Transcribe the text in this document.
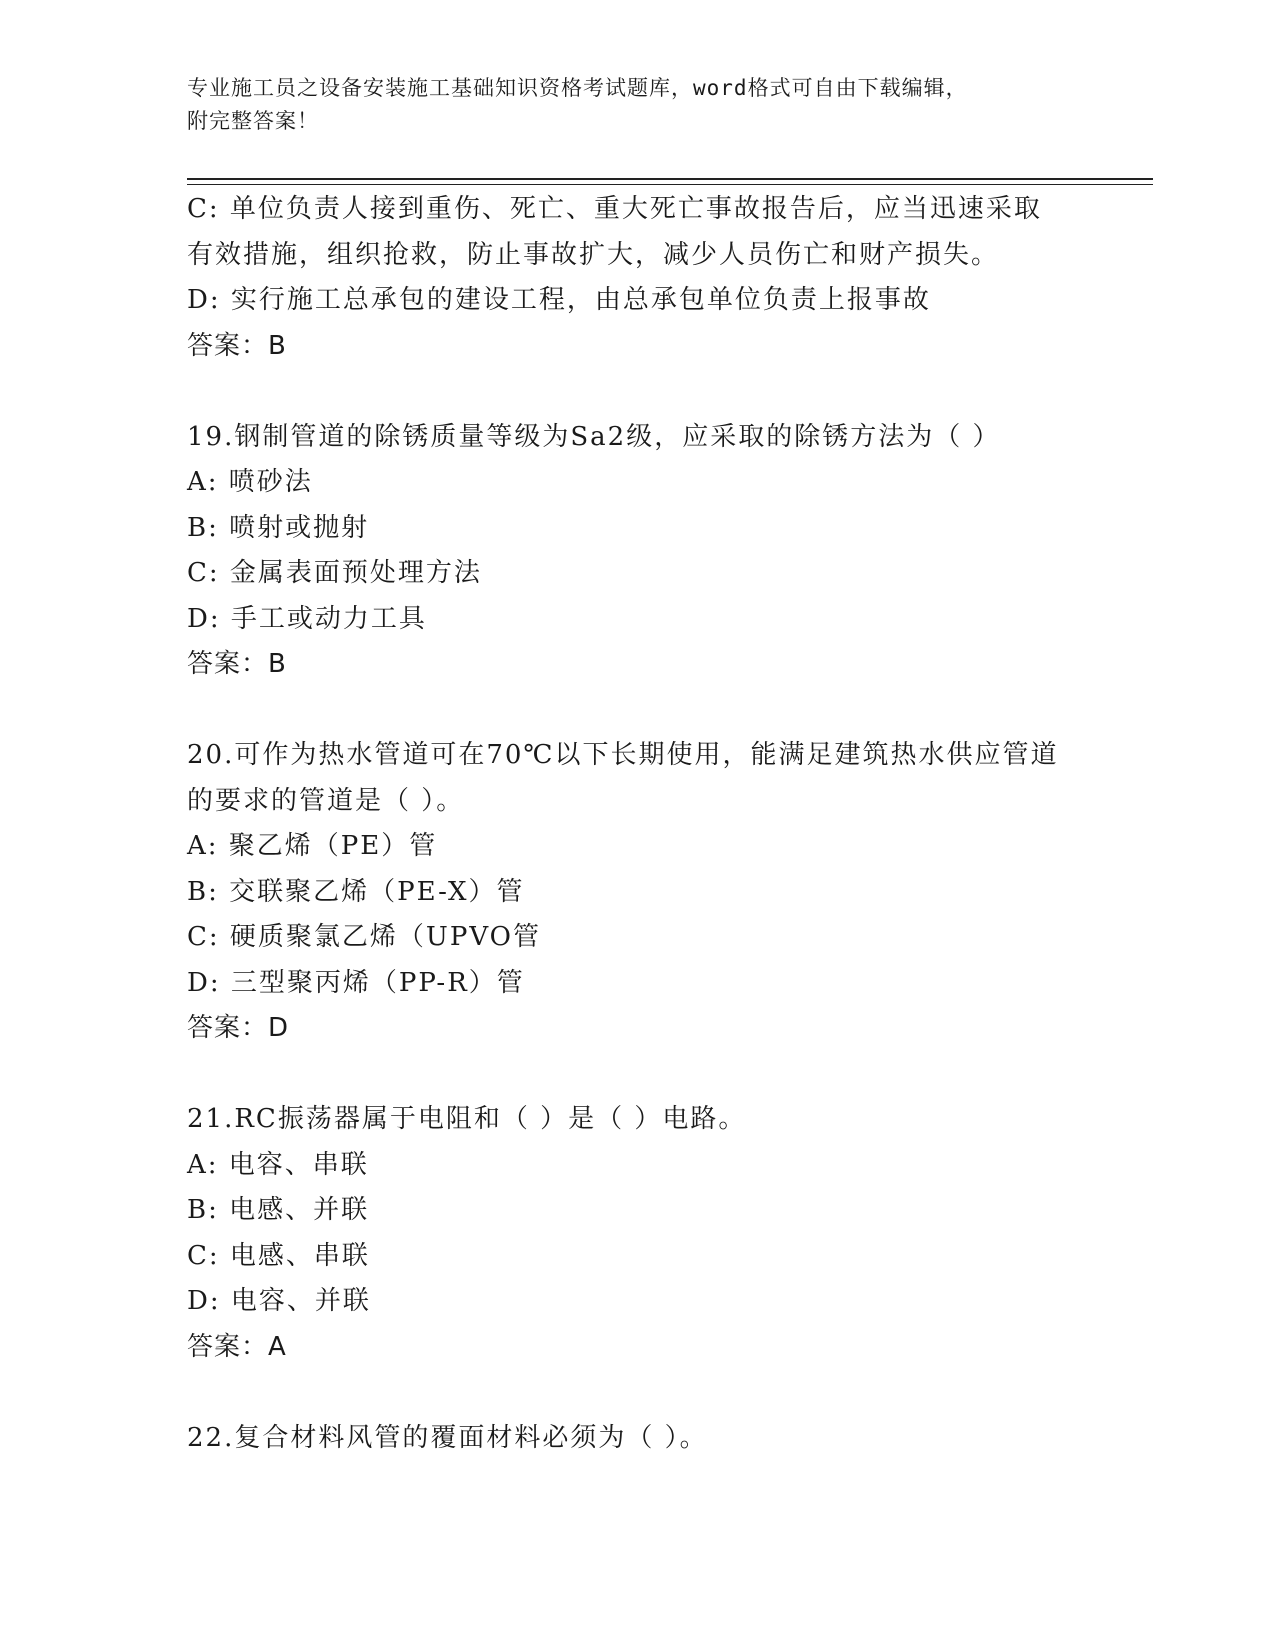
专业施工员之设备安装施工基础知识资格考试题库，word格式可自由下载编辑，
附完整答案！
C: 单位负责人接到重伤、死亡、重大死亡事故报告后，应当迅速采取
有效措施，组织抢救，防止事故扩大，减少人员伤亡和财产损失。
D: 实行施工总承包的建设工程，由总承包单位负责上报事故
答案：B
19.钢制管道的除锈质量等级为Sa2级，应采取的除锈方法为（ ）
A: 喷砂法
B: 喷射或抛射
C: 金属表面预处理方法
D: 手工或动力工具
答案：B
20.可作为热水管道可在70℃以下长期使用，能满足建筑热水供应管道
的要求的管道是（ ）。
A: 聚乙烯（PE）管
B: 交联聚乙烯（PE-X）管
C: 硬质聚氯乙烯（UPVO管
D: 三型聚丙烯（PP-R）管
答案：D
21.RC振荡器属于电阻和（ ）是（ ）电路。
A: 电容、串联
B: 电感、并联
C: 电感、串联
D: 电容、并联
答案：A
22.复合材料风管的覆面材料必须为（ ）。
